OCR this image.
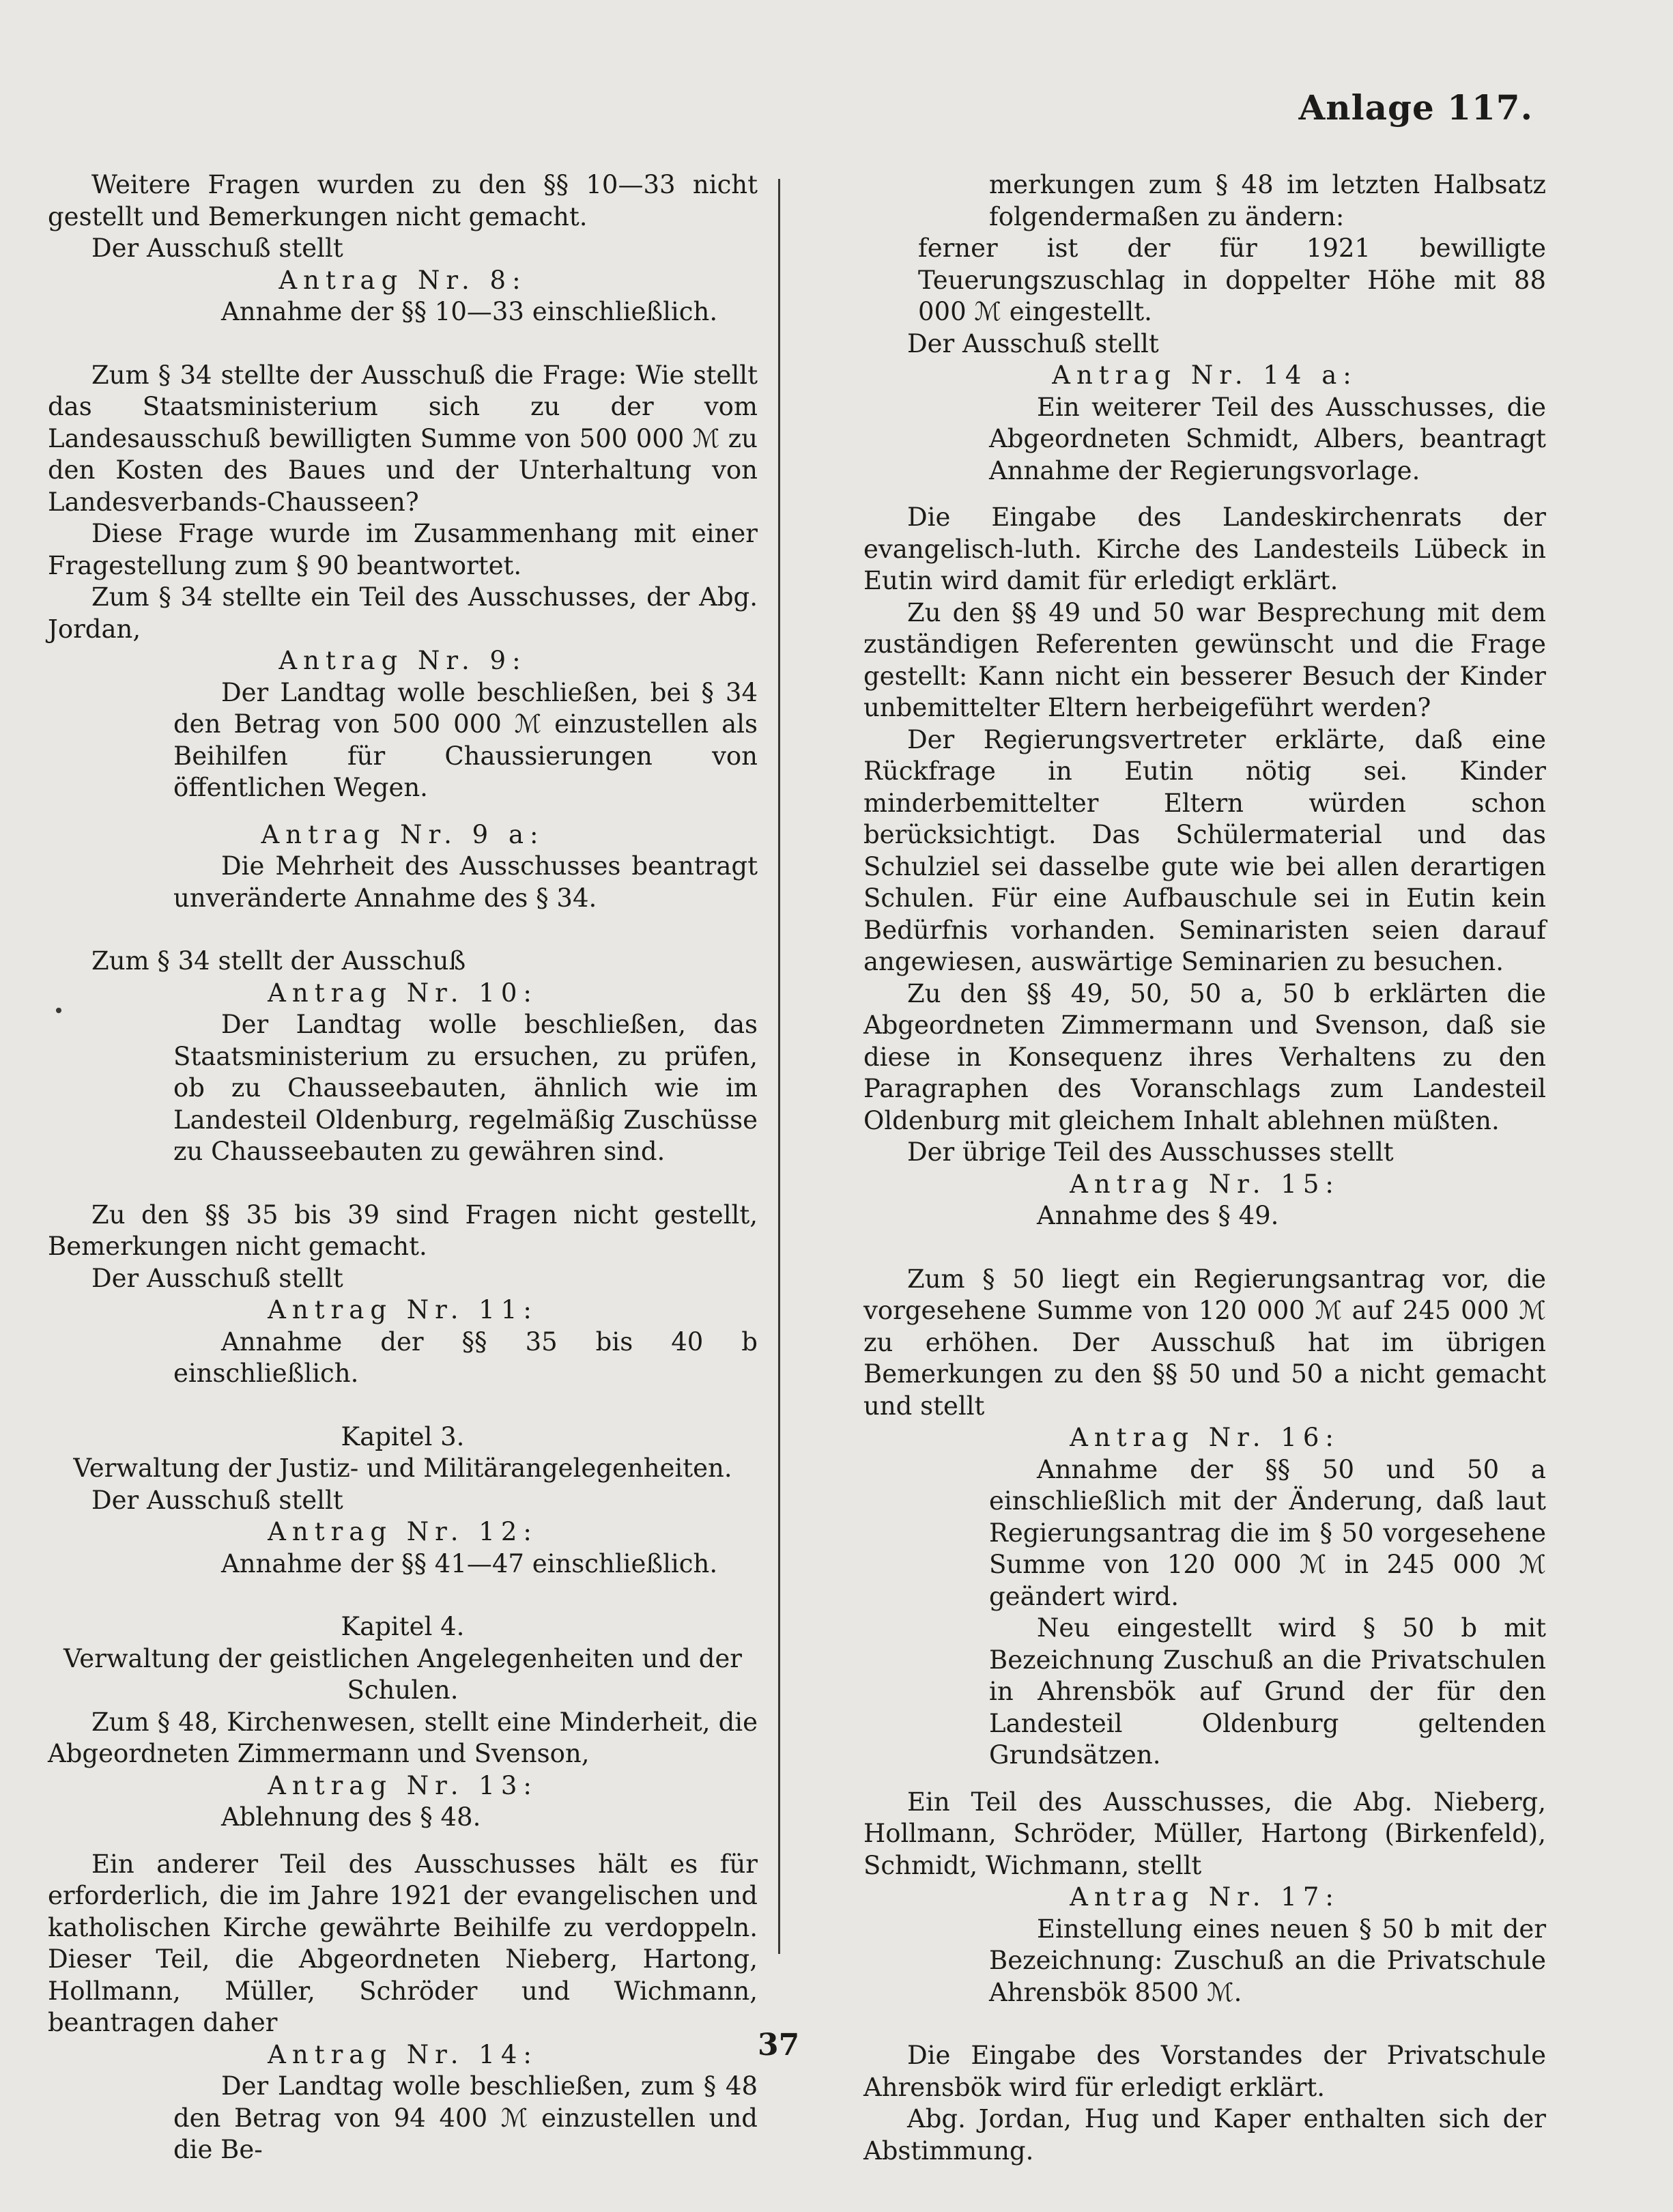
Anlage 117.

Weitere Fragen wurden zu den §§ 10—33 nicht gestellt und Bemerkungen nicht gemacht.

Der Ausschuß stellt

Antrag Nr. 8:

Annahme der §§ 10—33 einschließlich.

Zum § 34 stellte der Ausschuß die Frage: Wie stellt das Staatsministerium sich zu der vom Landesausschuß bewilligten Summe von 500 000 ℳ zu den Kosten des Baues und der Unterhaltung von Landesverbands-Chausseen?

Diese Frage wurde im Zusammenhang mit einer Fragestellung zum § 90 beantwortet.

Zum § 34 stellte ein Teil des Ausschusses, der Abg. Jordan,

Antrag Nr. 9:

Der Landtag wolle beschließen, bei § 34 den Betrag von 500 000 ℳ einzustellen als Beihilfen für Chaussierungen von öffentlichen Wegen.

Antrag Nr. 9 a:

Die Mehrheit des Ausschusses beantragt unveränderte Annahme des § 34.

Zum § 34 stellt der Ausschuß

Antrag Nr. 10:

Der Landtag wolle beschließen, das Staatsministerium zu ersuchen, zu prüfen, ob zu Chausseebauten, ähnlich wie im Landesteil Oldenburg, regelmäßig Zuschüsse zu Chausseebauten zu gewähren sind.

Zu den §§ 35 bis 39 sind Fragen nicht gestellt, Bemerkungen nicht gemacht.

Der Ausschuß stellt

Antrag Nr. 11:

Annahme der §§ 35 bis 40 b einschließlich.

Kapitel 3.

Verwaltung der Justiz- und Militärangelegenheiten.

Der Ausschuß stellt

Antrag Nr. 12:

Annahme der §§ 41—47 einschließlich.

Kapitel 4.

Verwaltung der geistlichen Angelegenheiten und der Schulen.

Zum § 48, Kirchenwesen, stellt eine Minderheit, die Abgeordneten Zimmermann und Svenson,

Antrag Nr. 13:

Ablehnung des § 48.

Ein anderer Teil des Ausschusses hält es für erforderlich, die im Jahre 1921 der evangelischen und katholischen Kirche gewährte Beihilfe zu verdoppeln. Dieser Teil, die Abgeordneten Nieberg, Hartong, Hollmann, Müller, Schröder und Wichmann, beantragen daher

Antrag Nr. 14:

Der Landtag wolle beschließen, zum § 48 den Betrag von 94 400 ℳ einzustellen und die Be-

merkungen zum § 48 im letzten Halbsatz folgendermaßen zu ändern:

ferner ist der für 1921 bewilligte Teuerungszuschlag in doppelter Höhe mit 88 000 ℳ eingestellt.

Der Ausschuß stellt

Antrag Nr. 14 a:

Ein weiterer Teil des Ausschusses, die Abgeordneten Schmidt, Albers, beantragt Annahme der Regierungsvorlage.

Die Eingabe des Landeskirchenrats der evangelisch-luth. Kirche des Landesteils Lübeck in Eutin wird damit für erledigt erklärt.

Zu den §§ 49 und 50 war Besprechung mit dem zuständigen Referenten gewünscht und die Frage gestellt: Kann nicht ein besserer Besuch der Kinder unbemittelter Eltern herbeigeführt werden?

Der Regierungsvertreter erklärte, daß eine Rückfrage in Eutin nötig sei. Kinder minderbemittelter Eltern würden schon berücksichtigt. Das Schülermaterial und das Schulziel sei dasselbe gute wie bei allen derartigen Schulen. Für eine Aufbauschule sei in Eutin kein Bedürfnis vorhanden. Seminaristen seien darauf angewiesen, auswärtige Seminarien zu besuchen.

Zu den §§ 49, 50, 50 a, 50 b erklärten die Abgeordneten Zimmermann und Svenson, daß sie diese in Konsequenz ihres Verhaltens zu den Paragraphen des Voranschlags zum Landesteil Oldenburg mit gleichem Inhalt ablehnen müßten.

Der übrige Teil des Ausschusses stellt

Antrag Nr. 15:

Annahme des § 49.

Zum § 50 liegt ein Regierungsantrag vor, die vorgesehene Summe von 120 000 ℳ auf 245 000 ℳ zu erhöhen. Der Ausschuß hat im übrigen Bemerkungen zu den §§ 50 und 50 a nicht gemacht und stellt

Antrag Nr. 16:

Annahme der §§ 50 und 50 a einschließlich mit der Änderung, daß laut Regierungsantrag die im § 50 vorgesehene Summe von 120 000 ℳ in 245 000 ℳ geändert wird.

Neu eingestellt wird § 50 b mit Bezeichnung Zuschuß an die Privatschulen in Ahrensbök auf Grund der für den Landesteil Oldenburg geltenden Grundsätzen.

Ein Teil des Ausschusses, die Abg. Nieberg, Hollmann, Schröder, Müller, Hartong (Birkenfeld), Schmidt, Wichmann, stellt

Antrag Nr. 17:

Einstellung eines neuen § 50 b mit der Bezeichnung: Zuschuß an die Privatschule Ahrensbök 8500 ℳ.

Die Eingabe des Vorstandes der Privatschule Ahrensbök wird für erledigt erklärt.

Abg. Jordan, Hug und Kaper enthalten sich der Abstimmung.

37
